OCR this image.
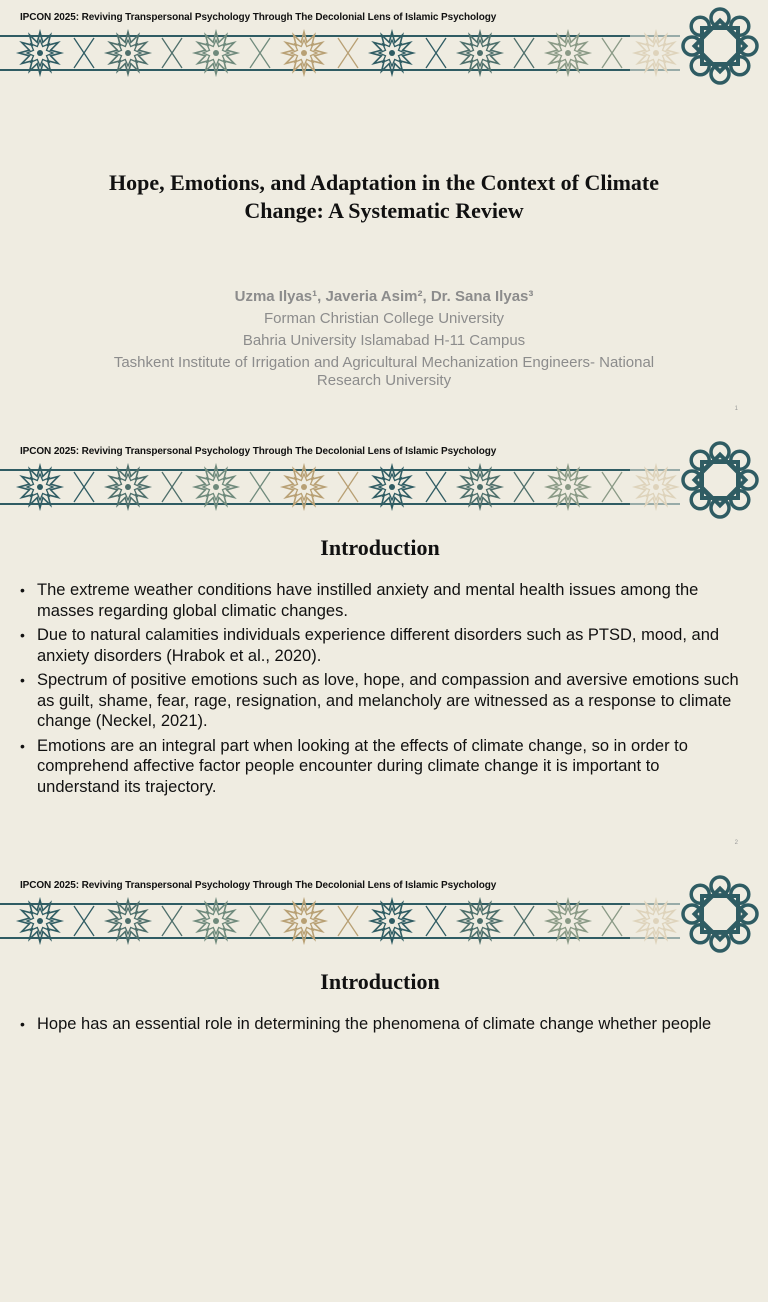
IPCON 2025: Reviving Transpersonal Psychology Through The Decolonial Lens of Islamic Psychology
Hope, Emotions, and Adaptation in the Context of Climate Change: A Systematic Review
Uzma Ilyas¹, Javeria Asim², Dr. Sana Ilyas³
Forman Christian College University
Bahria University Islamabad H-11 Campus
Tashkent Institute of Irrigation and Agricultural Mechanization Engineers- National Research University
1
IPCON 2025: Reviving Transpersonal Psychology Through The Decolonial Lens of Islamic Psychology
Introduction
• The extreme weather conditions have instilled anxiety and mental health issues among the masses regarding global climatic changes.
• Due to natural calamities individuals experience different disorders such as PTSD, mood, and anxiety disorders (Hrabok et al., 2020).
• Spectrum of positive emotions such as love, hope, and compassion and aversive emotions such as guilt, shame, fear, rage, resignation, and melancholy are witnessed as a response to climate change (Neckel, 2021).
• Emotions are an integral part when looking at the effects of climate change, so in order to comprehend affective factor people encounter during climate change it is important to understand its trajectory.
2
IPCON 2025: Reviving Transpersonal Psychology Through The Decolonial Lens of Islamic Psychology
Introduction
• Hope has an essential role in determining the phenomena of climate change whether people
